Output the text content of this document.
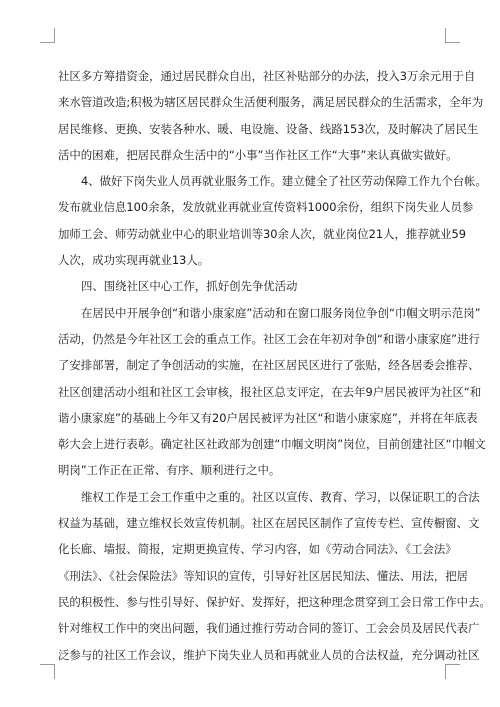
社区多方筹措资金，通过居民群众自出，社区补贴部分的办法，投入3万余元用于自
来水管道改造;积极为辖区居民群众生活便利服务，满足居民群众的生活需求，全年为
居民维修、更换、安装各种水、暖、电设施、设备、线路153次，及时解决了居民生
活中的困难，把居民群众生活中的“小事”当作社区工作“大事”来认真做实做好。
4、做好下岗失业人员再就业服务工作。建立健全了社区劳动保障工作九个台帐。
发布就业信息100余条，发放就业再就业宣传资料1000余份，组织下岗失业人员参
加师工会、师劳动就业中心的职业培训等30余人次，就业岗位21人，推荐就业59
人次，成功实现再就业13人。
四、围绕社区中心工作，抓好创先争优活动
在居民中开展争创“和谐小康家庭”活动和在窗口服务岗位争创“巾帼文明示范岗”
活动，仍然是今年社区工会的重点工作。社区工会在年初对争创“和谐小康家庭”进行
了安排部署，制定了争创活动的实施，在社区居民区进行了张贴，经各居委会推荐、
社区创建活动小组和社区工会审核，报社区总支评定，在去年9户居民被评为社区“和
谐小康家庭”的基础上今年又有20户居民被评为社区“和谐小康家庭”，并将在年底表
彰大会上进行表彰。确定社区社政部为创建“巾帼文明岗”岗位，目前创建社区“巾帼文
明岗”工作正在正常、有序、顺利进行之中。
维权工作是工会工作重中之重的。社区以宣传、教育、学习，以保证职工的合法
权益为基础，建立维权长效宣传机制。社区在居民区制作了宣传专栏、宣传橱窗、文
化长廊、墙报、简报，定期更换宣传、学习内容，如《劳动合同法》、《工会法》
《刑法》、《社会保险法》等知识的宣传，引导好社区居民知法、懂法、用法，把居
民的积极性、参与性引导好、保护好、发挥好，把这种理念贯穿到工会日常工作中去。
针对维权工作中的突出问题，我们通过推行劳动合同的签订、工会会员及居民代表广
泛参与的社区工作会议，维护下岗失业人员和再就业人员的合法权益，充分调动社区
